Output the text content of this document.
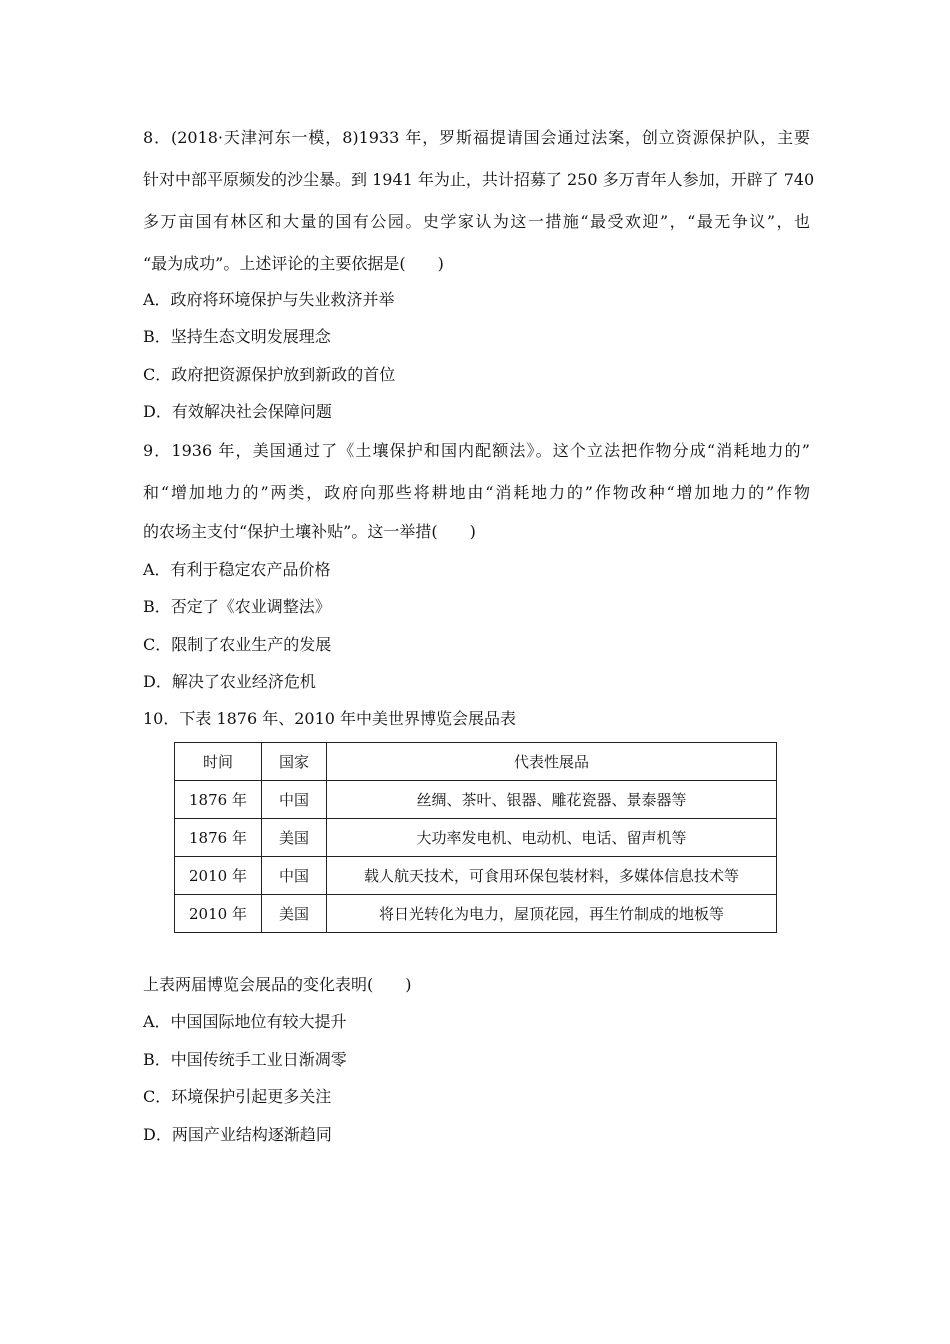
8．(2018·天津河东一模，8)1933 年，罗斯福提请国会通过法案，创立资源保护队，主要
针对中部平原频发的沙尘暴。到 1941 年为止，共计招募了 250 多万青年人参加，开辟了 740
多万亩国有林区和大量的国有公园。史学家认为这一措施“最受欢迎”，“最无争议”，也
“最为成功”。上述评论的主要依据是(　　)
A．政府将环境保护与失业救济并举
B．坚持生态文明发展理念
C．政府把资源保护放到新政的首位
D．有效解决社会保障问题
9．1936 年，美国通过了《土壤保护和国内配额法》。这个立法把作物分成“消耗地力的”
和“增加地力的”两类，政府向那些将耕地由“消耗地力的”作物改种“增加地力的”作物
的农场主支付“保护土壤补贴”。这一举措(　　)
A．有利于稳定农产品价格
B．否定了《农业调整法》
C．限制了农业生产的发展
D．解决了农业经济危机
10．下表 1876 年、2010 年中美世界博览会展品表
时间	国家	代表性展品
1876 年	中国	丝绸、茶叶、银器、雕花瓷器、景泰器等
1876 年	美国	大功率发电机、电动机、电话、留声机等
2010 年	中国	载人航天技术，可食用环保包装材料，多媒体信息技术等
2010 年	美国	将日光转化为电力，屋顶花园，再生竹制成的地板等
上表两届博览会展品的变化表明(　　)
A．中国国际地位有较大提升
B．中国传统手工业日渐凋零
C．环境保护引起更多关注
D．两国产业结构逐渐趋同
